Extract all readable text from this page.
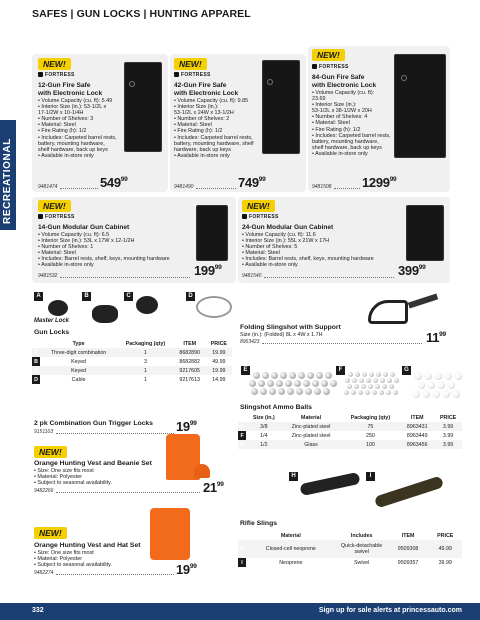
SAFES | GUN LOCKS | HUNTING APPAREL
RECREATIONAL
NEW!	NEW!
NEW!
FORTRESS	FORTRESS
FORTRESS
12-Gun Fire Safe
with Electronic Lock
42-Gun Fire Safe
with Electronic Lock
84-Gun Fire Safe
with Electronic Lock
• Volume Capacity (cu. ft): 5.49
• Interior Size (in.): 53-1/2L x
17-1/2W x 10-1/4H
• Number of Shelves: 3
• Material: Steel
• Fire Rating (h): 1/2
• Includes: Carpeted barrel rests,
battery, mounting hardware,
shelf hardware, back up keys
• Available in-store only
• Volume Capacity (cu. ft): 9.85
• Interior Size (in.):
53-1/2L x 24W x 13-1/2H
• Number of Shelves: 2
• Material: Steel
• Fire Rating (h): 1/2
• Includes: Carpeted barrel rests,
battery, mounting hardware, shelf
hardware, back up keys
• Available in-store only
• Volume Capacity (cu. ft):
23.69
• Interior Size (in.):
53-1/2L x 38-1/2W x 20H
• Number of Shelves: 4
• Material: Steel
• Fire Rating (h): 1/2
• Includes: Carpeted barrel rests,
battery, mounting hardware,
shelf hardware, back up keys
• Available in-store only
9481474	$549^{99}$
9481490	$749^{99}$
9481508 1299$^{99}$
NEW!	NEW!
FORTRESS	FORTRESS
14-Gun Modular Gun Cabinet	24-Gun Modular Gun Cabinet
• Volume Capacity (cu. ft): 6.5
• Interior Size (in.): 53L x 17W x 12-1/2H
• Number of Shelves: 1
• Material: Steel
• Includes: Barrel rests, shelf, keys, mounting hardware
• Available in-store only
• Volume Capacity (cu. ft): 11.6
• Interior Size (in.): 55L x 21W x 17H
• Number of Shelves: 5
• Material: Steel
• Includes: Barrel rests, shelf, keys, mounting hardware
• Available in-store only
9481532	$199^{99}$
9481540	$399^{99}$
A	B	C	D
Master Lock
Gun Locks
	Type	Packaging (qty)	ITEM	PRICE
A	Three-digit combination	1	8682890	19.99
B	Keyed	3	8682882	49.99
C	Keyed	1	9217605	19.99
D	Cable	1	9217613	14.99
2 pk Combination Gun Trigger Locks
9151103	$19^{99}$
NEW!
Orange Hunting Vest and Beanie Set
• Size: One size fits most
• Material: Polyester
• Subject to seasonal availability.
9482266	$21^{99}$
NEW!
Orange Hunting Vest and Hat Set
• Size: One size fits most
• Material: Polyester
• Subject to seasonal availability.
9482274	$19^{99}$
Folding Slingshot with Support
Size (in.): (Folded) 8L x 4W x 1.7H
8963423	$11^{99}$
E	F	G
Slingshot Ammo Balls
	Size (in.)	Material	Packaging (qty)	ITEM	PRICE
E	3/8	Zinc-plated steel	75	8963431	3.99
F	1/4	Zinc-plated steel	250	8963449	3.99
G	1/2	Glass	100	8963456	3.99
H	I
Rifle Slings
	Material	Includes	ITEM	PRICE
H	Closed-cell neoprene	Quick-detachable swivel	9509308	49.99
I	Neoprene	Swivel	9509357	39.99
332	Sign up for sale alerts at princessauto.com
